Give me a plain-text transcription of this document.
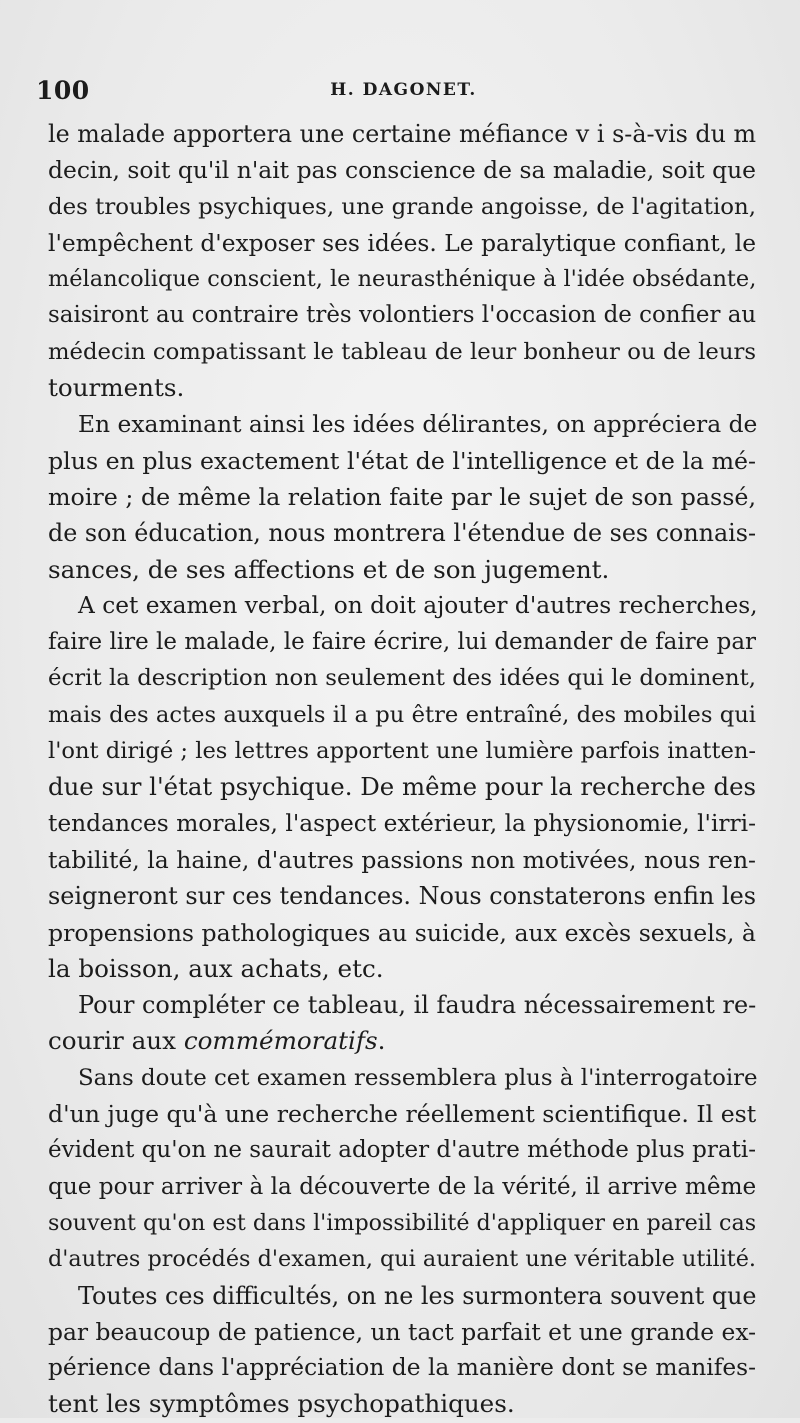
100	H. DAGONET.
le malade apportera une certaine méfiance v i s-à-vis du m
decin, soit qu'il n'ait pas conscience de sa maladie, soit que
des troubles psychiques, une grande angoisse, de l'agitation,
l'empêchent d'exposer ses idées. Le paralytique confiant, le
mélancolique conscient, le neurasthénique à l'idée obsédante,
saisiront au contraire très volontiers l'occasion de confier au
médecin compatissant le tableau de leur bonheur ou de leurs
tourments.
En examinant ainsi les idées délirantes, on appréciera de
plus en plus exactement l'état de l'intelligence et de la mé-
moire ; de même la relation faite par le sujet de son passé,
de son éducation, nous montrera l'étendue de ses connais-
sances, de ses affections et de son jugement.
A cet examen verbal, on doit ajouter d'autres recherches,
faire lire le malade, le faire écrire, lui demander de faire par
écrit la description non seulement des idées qui le dominent,
mais des actes auxquels il a pu être entraîné, des mobiles qui
l'ont dirigé ; les lettres apportent une lumière parfois inatten-
due sur l'état psychique. De même pour la recherche des
tendances morales, l'aspect extérieur, la physionomie, l'irri-
tabilité, la haine, d'autres passions non motivées, nous ren-
seigneront sur ces tendances. Nous constaterons enfin les
propensions pathologiques au suicide, aux excès sexuels, à
la boisson, aux achats, etc.
Pour compléter ce tableau, il faudra nécessairement re-
courir aux commémoratifs.
Sans doute cet examen ressemblera plus à l'interrogatoire
d'un juge qu'à une recherche réellement scientifique. Il est
évident qu'on ne saurait adopter d'autre méthode plus prati-
que pour arriver à la découverte de la vérité, il arrive même
souvent qu'on est dans l'impossibilité d'appliquer en pareil cas
d'autres procédés d'examen, qui auraient une véritable utilité.
Toutes ces difficultés, on ne les surmontera souvent que
par beaucoup de patience, un tact parfait et une grande ex-
périence dans l'appréciation de la manière dont se manifes-
tent les symptômes psychopathiques.
